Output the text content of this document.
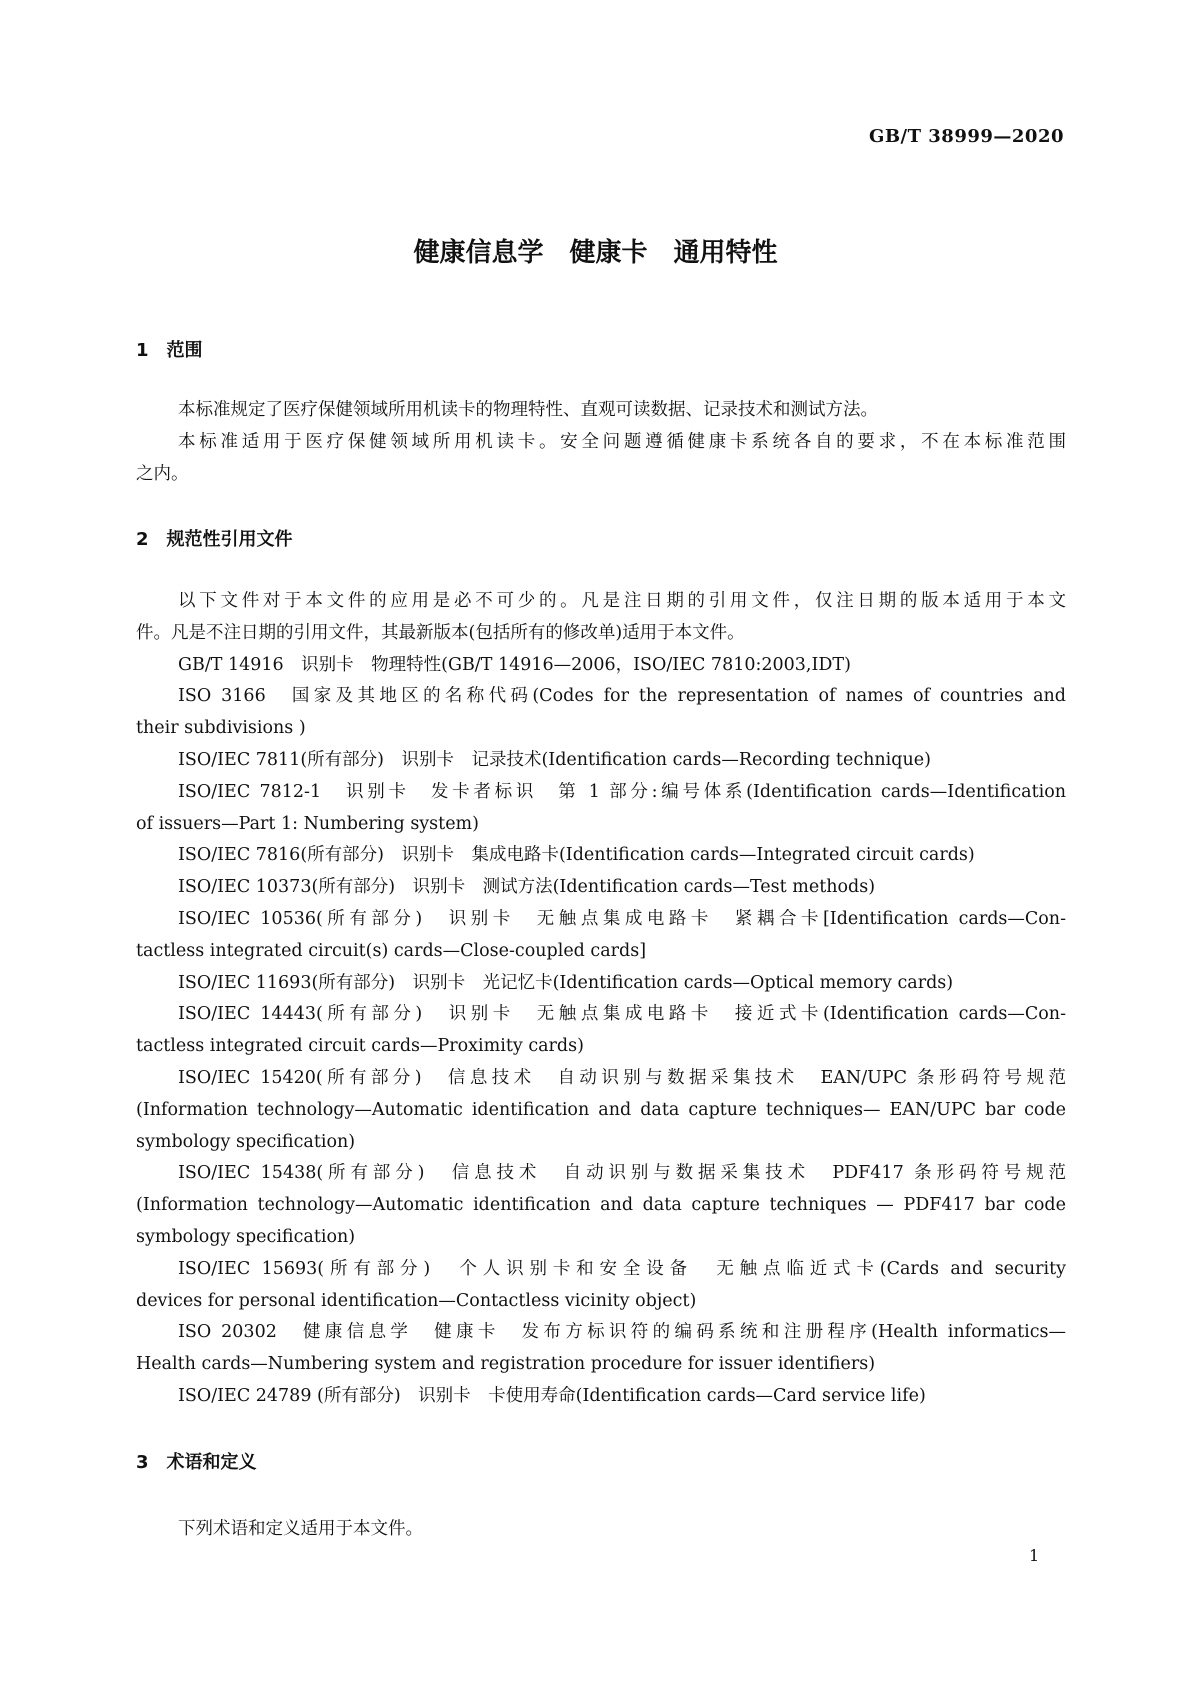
GB/T 38999—2020
健康信息学　健康卡　通用特性
1　范围
本标准规定了医疗保健领域所用机读卡的物理特性、直观可读数据、记录技术和测试方法。
本标准适用于医疗保健领域所用机读卡。安全问题遵循健康卡系统各自的要求，不在本标准范围
之内。
2　规范性引用文件
以下文件对于本文件的应用是必不可少的。凡是注日期的引用文件，仅注日期的版本适用于本文
件。凡是不注日期的引用文件，其最新版本(包括所有的修改单)适用于本文件。
GB/T 14916　识别卡　物理特性(GB/T 14916—2006，ISO/IEC 7810:2003,IDT)
ISO 3166　国家及其地区的名称代码(Codes for the representation of names of countries and
their subdivisions )
ISO/IEC 7811(所有部分)　识别卡　记录技术(Identification cards—Recording technique)
ISO/IEC 7812-1　识别卡　发卡者标识　第 1 部分:编号体系(Identification cards—Identification
of issuers—Part 1: Numbering system)
ISO/IEC 7816(所有部分)　识别卡　集成电路卡(Identification cards—Integrated circuit cards)
ISO/IEC 10373(所有部分)　识别卡　测试方法(Identification cards—Test methods)
ISO/IEC 10536(所有部分)　识别卡　无触点集成电路卡　紧耦合卡[Identification cards—Con-
tactless integrated circuit(s) cards—Close-coupled cards]
ISO/IEC 11693(所有部分)　识别卡　光记忆卡(Identification cards—Optical memory cards)
ISO/IEC 14443(所有部分)　识别卡　无触点集成电路卡　接近式卡(Identification cards—Con-
tactless integrated circuit cards—Proximity cards)
ISO/IEC 15420(所有部分)　信息技术　自动识别与数据采集技术　EAN/UPC 条形码符号规范
(Information technology—Automatic identification and data capture techniques— EAN/UPC bar code
symbology specification)
ISO/IEC 15438(所有部分)　信息技术　自动识别与数据采集技术　PDF417 条形码符号规范
(Information technology—Automatic identification and data capture techniques — PDF417 bar code
symbology specification)
ISO/IEC 15693(所有部分)　个人识别卡和安全设备　无触点临近式卡(Cards and security
devices for personal identification—Contactless vicinity object)
ISO 20302　健康信息学　健康卡　发布方标识符的编码系统和注册程序(Health informatics—
Health cards—Numbering system and registration procedure for issuer identifiers)
ISO/IEC 24789 (所有部分)　识别卡　卡使用寿命(Identification cards—Card service life)
3　术语和定义
下列术语和定义适用于本文件。
1
